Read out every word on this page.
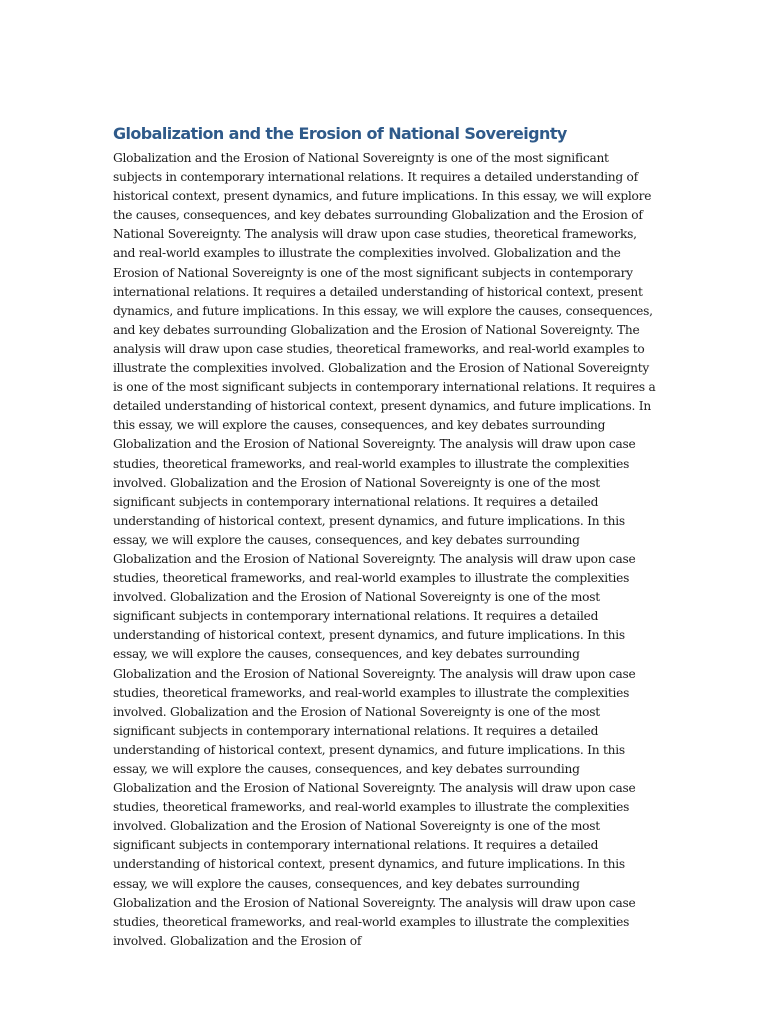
Globalization and the Erosion of National Sovereignty

Globalization and the Erosion of National Sovereignty is one of the most significant subjects in contemporary international relations. It requires a detailed understanding of historical context, present dynamics, and future implications. In this essay, we will explore the causes, consequences, and key debates surrounding Globalization and the Erosion of National Sovereignty. The analysis will draw upon case studies, theoretical frameworks, and real-world examples to illustrate the complexities involved. Globalization and the Erosion of National Sovereignty is one of the most significant subjects in contemporary international relations. It requires a detailed understanding of historical context, present dynamics, and future implications. In this essay, we will explore the causes, consequences, and key debates surrounding Globalization and the Erosion of National Sovereignty. The analysis will draw upon case studies, theoretical frameworks, and real-world examples to illustrate the complexities involved. Globalization and the Erosion of National Sovereignty is one of the most significant subjects in contemporary international relations. It requires a detailed understanding of historical context, present dynamics, and future implications. In this essay, we will explore the causes, consequences, and key debates surrounding Globalization and the Erosion of National Sovereignty. The analysis will draw upon case studies, theoretical frameworks, and real-world examples to illustrate the complexities involved. Globalization and the Erosion of National Sovereignty is one of the most significant subjects in contemporary international relations. It requires a detailed understanding of historical context, present dynamics, and future implications. In this essay, we will explore the causes, consequences, and key debates surrounding Globalization and the Erosion of National Sovereignty. The analysis will draw upon case studies, theoretical frameworks, and real-world examples to illustrate the complexities involved. Globalization and the Erosion of National Sovereignty is one of the most significant subjects in contemporary international relations. It requires a detailed understanding of historical context, present dynamics, and future implications. In this essay, we will explore the causes, consequences, and key debates surrounding Globalization and the Erosion of National Sovereignty. The analysis will draw upon case studies, theoretical frameworks, and real-world examples to illustrate the complexities involved. Globalization and the Erosion of National Sovereignty is one of the most significant subjects in contemporary international relations. It requires a detailed understanding of historical context, present dynamics, and future implications. In this essay, we will explore the causes, consequences, and key debates surrounding Globalization and the Erosion of National Sovereignty. The analysis will draw upon case studies, theoretical frameworks, and real-world examples to illustrate the complexities involved. Globalization and the Erosion of National Sovereignty is one of the most significant subjects in contemporary international relations. It requires a detailed understanding of historical context, present dynamics, and future implications. In this essay, we will explore the causes, consequences, and key debates surrounding Globalization and the Erosion of National Sovereignty. The analysis will draw upon case studies, theoretical frameworks, and real-world examples to illustrate the complexities involved. Globalization and the Erosion of
